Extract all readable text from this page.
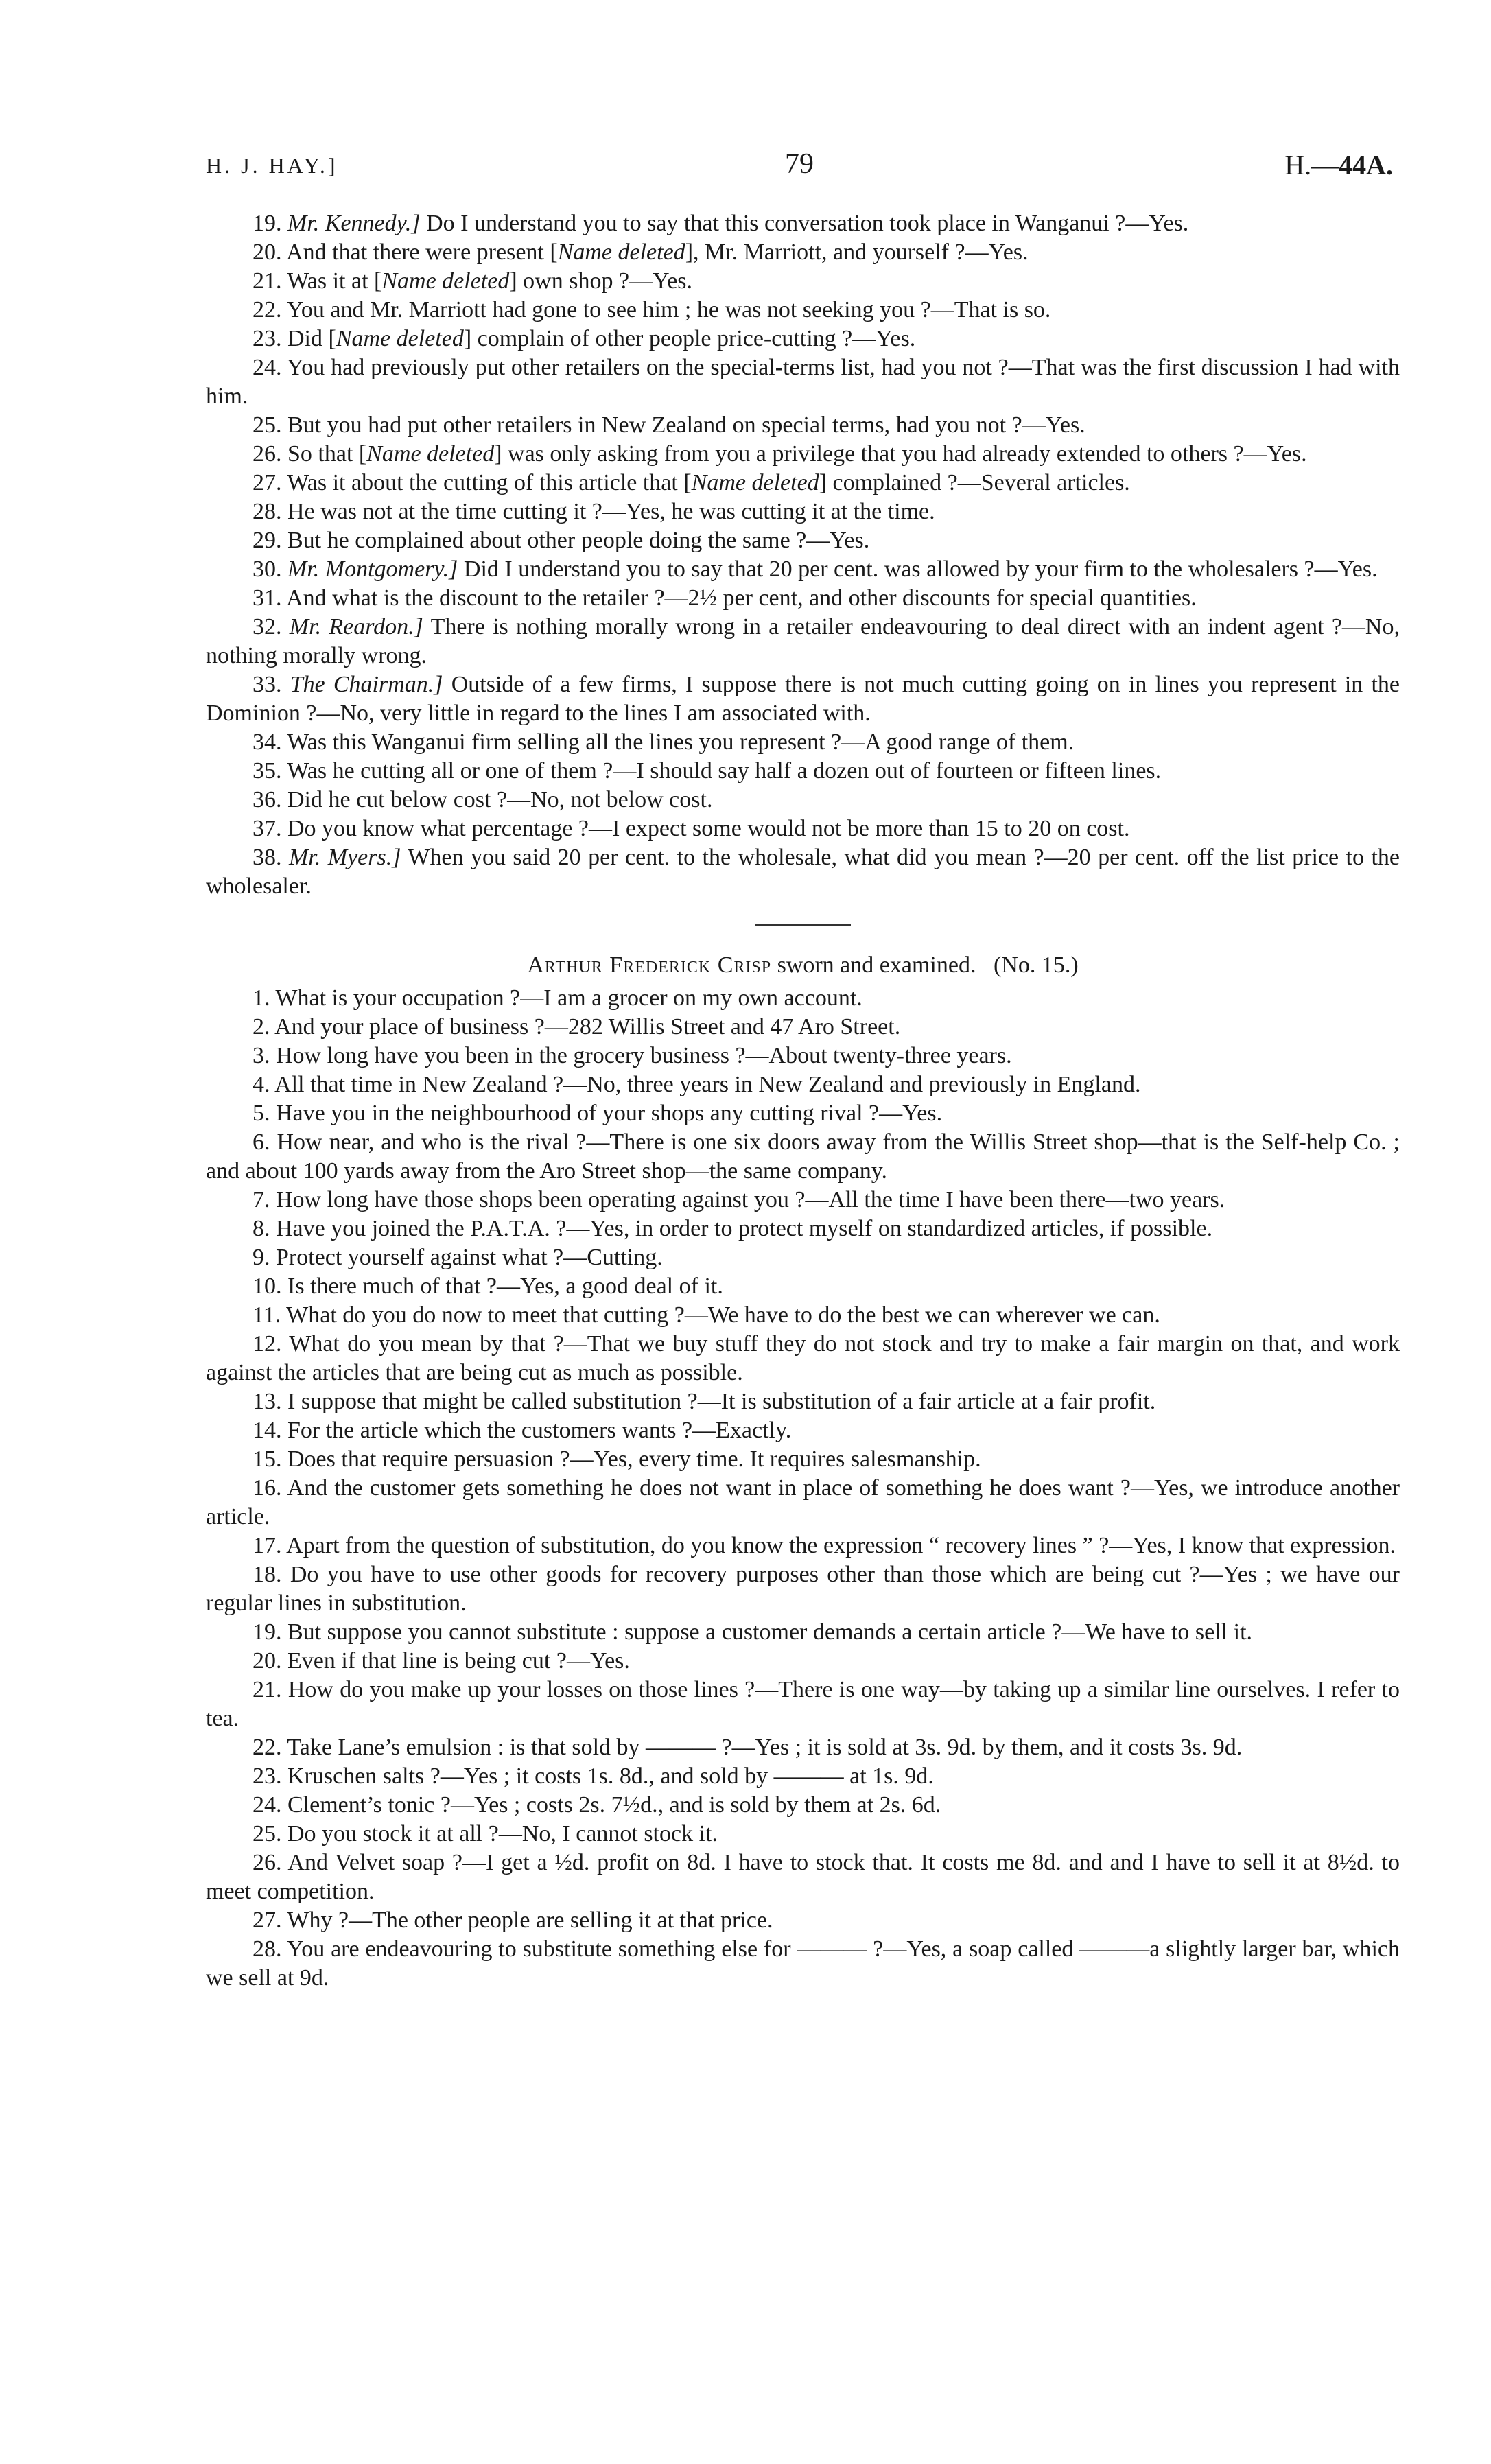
H. J. HAY.]	79	H.—44A.

19. Mr. Kennedy.] Do I understand you to say that this conversation took place in Wanganui ?—Yes.

20. And that there were present [Name deleted], Mr. Marriott, and yourself ?—Yes.

21. Was it at [Name deleted] own shop ?—Yes.

22. You and Mr. Marriott had gone to see him ; he was not seeking you ?—That is so.

23. Did [Name deleted] complain of other people price-cutting ?—Yes.

24. You had previously put other retailers on the special-terms list, had you not ?—That was the first discussion I had with him.

25. But you had put other retailers in New Zealand on special terms, had you not ?—Yes.

26. So that [Name deleted] was only asking from you a privilege that you had already extended to others ?—Yes.

27. Was it about the cutting of this article that [Name deleted] complained ?—Several articles.

28. He was not at the time cutting it ?—Yes, he was cutting it at the time.

29. But he complained about other people doing the same ?—Yes.

30. Mr. Montgomery.] Did I understand you to say that 20 per cent. was allowed by your firm to the wholesalers ?—Yes.

31. And what is the discount to the retailer ?—2½ per cent, and other discounts for special quantities.

32. Mr. Reardon.] There is nothing morally wrong in a retailer endeavouring to deal direct with an indent agent ?—No, nothing morally wrong.

33. The Chairman.] Outside of a few firms, I suppose there is not much cutting going on in lines you represent in the Dominion ?—No, very little in regard to the lines I am associated with.

34. Was this Wanganui firm selling all the lines you represent ?—A good range of them.

35. Was he cutting all or one of them ?—I should say half a dozen out of fourteen or fifteen lines.

36. Did he cut below cost ?—No, not below cost.

37. Do you know what percentage ?—I expect some would not be more than 15 to 20 on cost.

38. Mr. Myers.] When you said 20 per cent. to the wholesale, what did you mean ?—20 per cent. off the list price to the wholesaler.

Arthur Frederick Crisp sworn and examined. (No. 15.)

1. What is your occupation ?—I am a grocer on my own account.

2. And your place of business ?—282 Willis Street and 47 Aro Street.

3. How long have you been in the grocery business ?—About twenty-three years.

4. All that time in New Zealand ?—No, three years in New Zealand and previously in England.

5. Have you in the neighbourhood of your shops any cutting rival ?—Yes.

6. How near, and who is the rival ?—There is one six doors away from the Willis Street shop—that is the Self-help Co. ; and about 100 yards away from the Aro Street shop—the same company.

7. How long have those shops been operating against you ?—All the time I have been there—two years.

8. Have you joined the P.A.T.A. ?—Yes, in order to protect myself on standardized articles, if possible.

9. Protect yourself against what ?—Cutting.

10. Is there much of that ?—Yes, a good deal of it.

11. What do you do now to meet that cutting ?—We have to do the best we can wherever we can.

12. What do you mean by that ?—That we buy stuff they do not stock and try to make a fair margin on that, and work against the articles that are being cut as much as possible.

13. I suppose that might be called substitution ?—It is substitution of a fair article at a fair profit.

14. For the article which the customers wants ?—Exactly.

15. Does that require persuasion ?—Yes, every time. It requires salesmanship.

16. And the customer gets something he does not want in place of something he does want ?—Yes, we introduce another article.

17. Apart from the question of substitution, do you know the expression “ recovery lines ” ?—Yes, I know that expression.

18. Do you have to use other goods for recovery purposes other than those which are being cut ?—Yes ; we have our regular lines in substitution.

19. But suppose you cannot substitute : suppose a customer demands a certain article ?—We have to sell it.

20. Even if that line is being cut ?—Yes.

21. How do you make up your losses on those lines ?—There is one way—by taking up a similar line ourselves. I refer to tea.

22. Take Lane’s emulsion : is that sold by ——— ?—Yes ; it is sold at 3s. 9d. by them, and it costs 3s. 9d.

23. Kruschen salts ?—Yes ; it costs 1s. 8d., and sold by ——— at 1s. 9d.

24. Clement’s tonic ?—Yes ; costs 2s. 7½d., and is sold by them at 2s. 6d.

25. Do you stock it at all ?—No, I cannot stock it.

26. And Velvet soap ?—I get a ½d. profit on 8d. I have to stock that. It costs me 8d. and and I have to sell it at 8½d. to meet competition.

27. Why ?—The other people are selling it at that price.

28. You are endeavouring to substitute something else for ——— ?—Yes, a soap called ———a slightly larger bar, which we sell at 9d.
